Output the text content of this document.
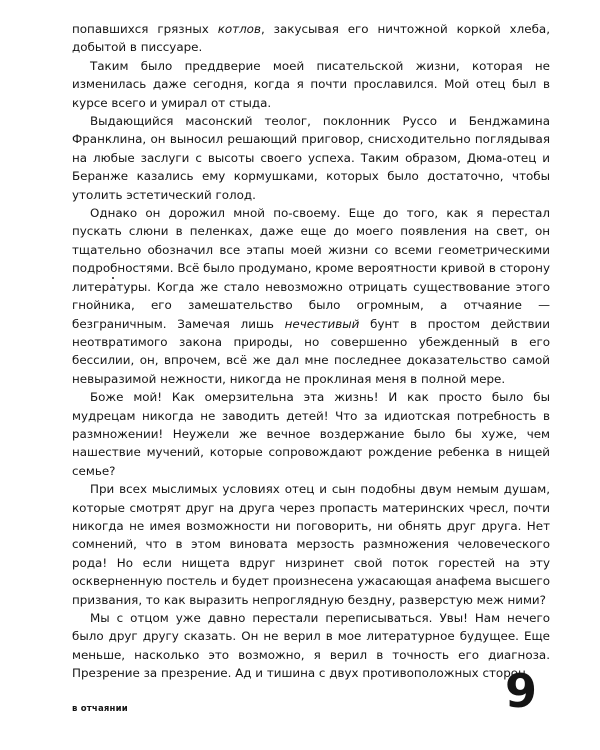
попавшихся грязных котлов, закусывая его ничтожной коркой хлеба, добытой в писсуаре.

Таким было преддверие моей писательской жизни, которая не изменилась даже сегодня, когда я почти прославился. Мой отец был в курсе всего и умирал от стыда.

Выдающийся масонский теолог, поклонник Руссо и Бенджамина Франклина, он выносил решающий приговор, снисходительно поглядывая на любые заслуги с высоты своего успеха. Таким образом, Дюма-отец и Беранже казались ему кормушками, которых было достаточно, чтобы утолить эстетический голод.

Однако он дорожил мной по-своему. Еще до того, как я перестал пускать слюни в пеленках, даже еще до моего появления на свет, он тщательно обозначил все этапы моей жизни со всеми геометрическими подробностями. Всё было продумано, кроме вероятности кривой в сторону литературы. Когда же стало невозможно отрицать существование этого гнойника, его замешательство было огромным, а отчаяние — безграничным. Замечая лишь нечестивый бунт в простом действии неотвратимого закона природы, но совершенно убежденный в его бессилии, он, впрочем, всё же дал мне последнее доказательство самой невыразимой нежности, никогда не проклиная меня в полной мере.

Боже мой! Как омерзительна эта жизнь! И как просто было бы мудрецам никогда не заводить детей! Что за идиотская потребность в размножении! Неужели же вечное воздержание было бы хуже, чем нашествие мучений, которые сопровождают рождение ребенка в нищей семье?

При всех мыслимых условиях отец и сын подобны двум немым душам, которые смотрят друг на друга через пропасть материнских чресл, почти никогда не имея возможности ни поговорить, ни обнять друг друга. Нет сомнений, что в этом виновата мерзость размножения человеческого рода! Но если нищета вдруг низринет свой поток горестей на эту оскверненную постель и будет произнесена ужасающая анафема высшего призвания, то как выразить непроглядную бездну, разверстую меж ними?

Мы с отцом уже давно перестали переписываться. Увы! Нам нечего было друг другу сказать. Он не верил в мое литературное будущее. Еще меньше, насколько это возможно, я верил в точность его диагноза. Презрение за презрение. Ад и тишина с двух противоположных сторон.

в отчаянии	9
